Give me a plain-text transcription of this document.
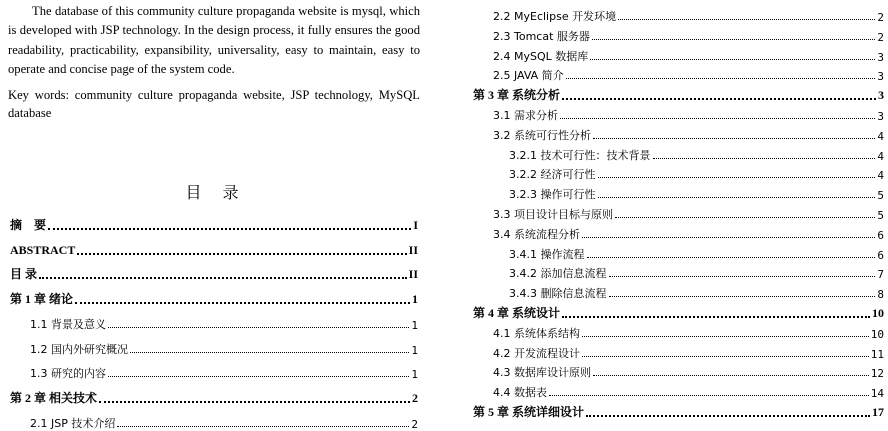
The database of this community culture propaganda website is mysql, which is developed with JSP technology. In the design process, it fully ensures the good readability, practicability, expansibility, universality, easy to maintain, easy to operate and concise page of the system code.

Key words: community culture propaganda website, JSP technology, MySQL database

目 录
摘　要	I
ABSTRACT	II
目 录	II
第 1 章 绪论	1
1.1 背景及意义	1
1.2 国内外研究概况	1
1.3 研究的内容	1
第 2 章 相关技术	2
2.1 JSP 技术介绍	2
2.2 MyEclipse 开发环境	2
2.3 Tomcat 服务器	2
2.4 MySQL 数据库	3
2.5 JAVA 简介	3
第 3 章 系统分析	3
3.1 需求分析	3
3.2 系统可行性分析	4
3.2.1 技术可行性：技术背景	4
3.2.2 经济可行性	4
3.2.3 操作可行性	5
3.3 项目设计目标与原则	5
3.4 系统流程分析	6
3.4.1 操作流程	6
3.4.2 添加信息流程	7
3.4.3 删除信息流程	8
第 4 章 系统设计	10
4.1 系统体系结构	10
4.2 开发流程设计	11
4.3 数据库设计原则	12
4.4 数据表	14
第 5 章 系统详细设计	17
